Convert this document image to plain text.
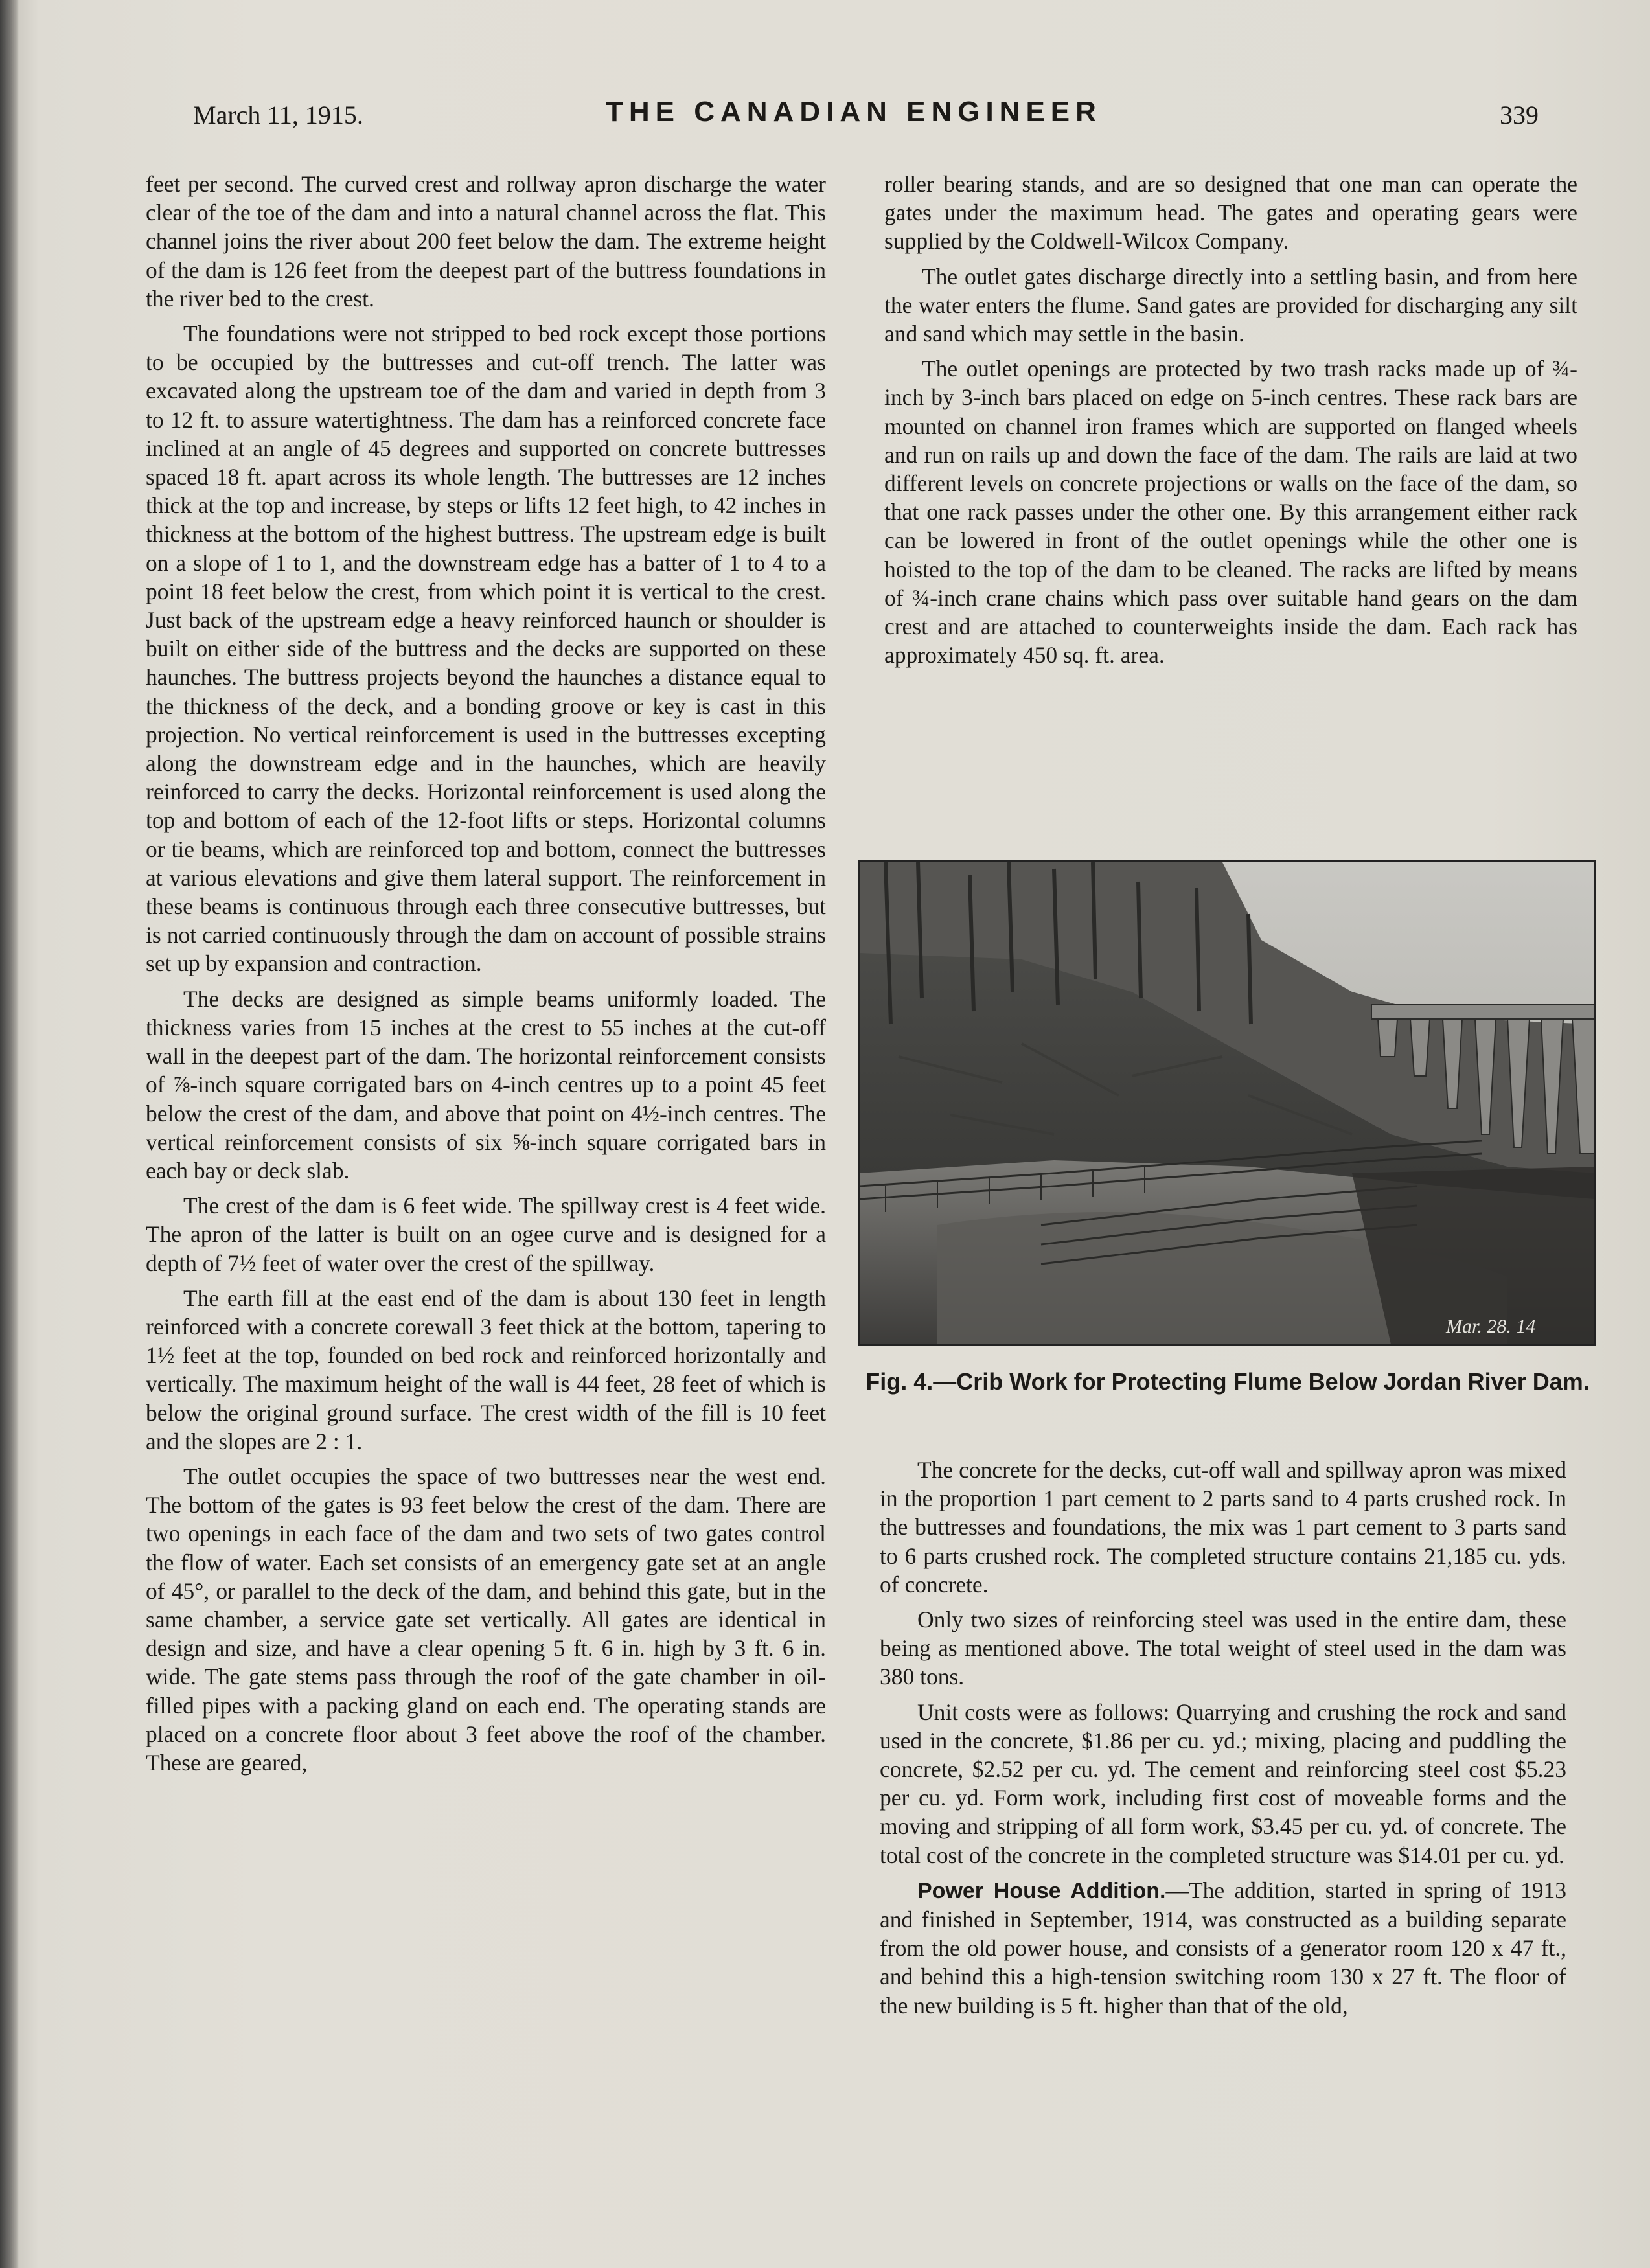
March 11, 1915.	THE CANADIAN ENGINEER	339

feet per second. The curved crest and rollway apron discharge the water clear of the toe of the dam and into a natural channel across the flat. This channel joins the river about 200 feet below the dam. The extreme height of the dam is 126 feet from the deepest part of the buttress foundations in the river bed to the crest.

The foundations were not stripped to bed rock except those portions to be occupied by the buttresses and cut-off trench. The latter was excavated along the upstream toe of the dam and varied in depth from 3 to 12 ft. to assure watertightness. The dam has a reinforced concrete face inclined at an angle of 45 degrees and supported on concrete buttresses spaced 18 ft. apart across its whole length. The buttresses are 12 inches thick at the top and increase, by steps or lifts 12 feet high, to 42 inches in thickness at the bottom of the highest buttress. The upstream edge is built on a slope of 1 to 1, and the downstream edge has a batter of 1 to 4 to a point 18 feet below the crest, from which point it is vertical to the crest. Just back of the upstream edge a heavy reinforced haunch or shoulder is built on either side of the buttress and the decks are supported on these haunches. The buttress projects beyond the haunches a distance equal to the thickness of the deck, and a bonding groove or key is cast in this projection. No vertical reinforcement is used in the buttresses excepting along the downstream edge and in the haunches, which are heavily reinforced to carry the decks. Horizontal reinforcement is used along the top and bottom of each of the 12-foot lifts or steps. Horizontal columns or tie beams, which are reinforced top and bottom, connect the buttresses at various elevations and give them lateral support. The reinforcement in these beams is continuous through each three consecutive buttresses, but is not carried continuously through the dam on account of possible strains set up by expansion and contraction.

The decks are designed as simple beams uniformly loaded. The thickness varies from 15 inches at the crest to 55 inches at the cut-off wall in the deepest part of the dam. The horizontal reinforcement consists of ⅞-inch square corrigated bars on 4-inch centres up to a point 45 feet below the crest of the dam, and above that point on 4½-inch centres. The vertical reinforcement consists of six ⅝-inch square corrigated bars in each bay or deck slab.

The crest of the dam is 6 feet wide. The spillway crest is 4 feet wide. The apron of the latter is built on an ogee curve and is designed for a depth of 7½ feet of water over the crest of the spillway.

The earth fill at the east end of the dam is about 130 feet in length reinforced with a concrete corewall 3 feet thick at the bottom, tapering to 1½ feet at the top, founded on bed rock and reinforced horizontally and vertically. The maximum height of the wall is 44 feet, 28 feet of which is below the original ground surface. The crest width of the fill is 10 feet and the slopes are 2 : 1.

The outlet occupies the space of two buttresses near the west end. The bottom of the gates is 93 feet below the crest of the dam. There are two openings in each face of the dam and two sets of two gates control the flow of water. Each set consists of an emergency gate set at an angle of 45°, or parallel to the deck of the dam, and behind this gate, but in the same chamber, a service gate set vertically. All gates are identical in design and size, and have a clear opening 5 ft. 6 in. high by 3 ft. 6 in. wide. The gate stems pass through the roof of the gate chamber in oil-filled pipes with a packing gland on each end. The operating stands are placed on a concrete floor about 3 feet above the roof of the chamber. These are geared,

roller bearing stands, and are so designed that one man can operate the gates under the maximum head. The gates and operating gears were supplied by the Coldwell-Wilcox Company.

The outlet gates discharge directly into a settling basin, and from here the water enters the flume. Sand gates are provided for discharging any silt and sand which may settle in the basin.

The outlet openings are protected by two trash racks made up of ¾-inch by 3-inch bars placed on edge on 5-inch centres. These rack bars are mounted on channel iron frames which are supported on flanged wheels and run on rails up and down the face of the dam. The rails are laid at two different levels on concrete projections or walls on the face of the dam, so that one rack passes under the other one. By this arrangement either rack can be lowered in front of the outlet openings while the other one is hoisted to the top of the dam to be cleaned. The racks are lifted by means of ¾-inch crane chains which pass over suitable hand gears on the dam crest and are attached to counterweights inside the dam. Each rack has approximately 450 sq. ft. area.

Mar. 28. 14
Fig. 4.—Crib Work for Protecting Flume Below Jordan River Dam.

The concrete for the decks, cut-off wall and spillway apron was mixed in the proportion 1 part cement to 2 parts sand to 4 parts crushed rock. In the buttresses and foundations, the mix was 1 part cement to 3 parts sand to 6 parts crushed rock. The completed structure contains 21,185 cu. yds. of concrete.

Only two sizes of reinforcing steel was used in the entire dam, these being as mentioned above. The total weight of steel used in the dam was 380 tons.

Unit costs were as follows: Quarrying and crushing the rock and sand used in the concrete, $1.86 per cu. yd.; mixing, placing and puddling the concrete, $2.52 per cu. yd. The cement and reinforcing steel cost $5.23 per cu. yd. Form work, including first cost of moveable forms and the moving and stripping of all form work, $3.45 per cu. yd. of concrete. The total cost of the concrete in the completed structure was $14.01 per cu. yd.

Power House Addition.—The addition, started in spring of 1913 and finished in September, 1914, was constructed as a building separate from the old power house, and consists of a generator room 120 x 47 ft., and behind this a high-tension switching room 130 x 27 ft. The floor of the new building is 5 ft. higher than that of the old,
